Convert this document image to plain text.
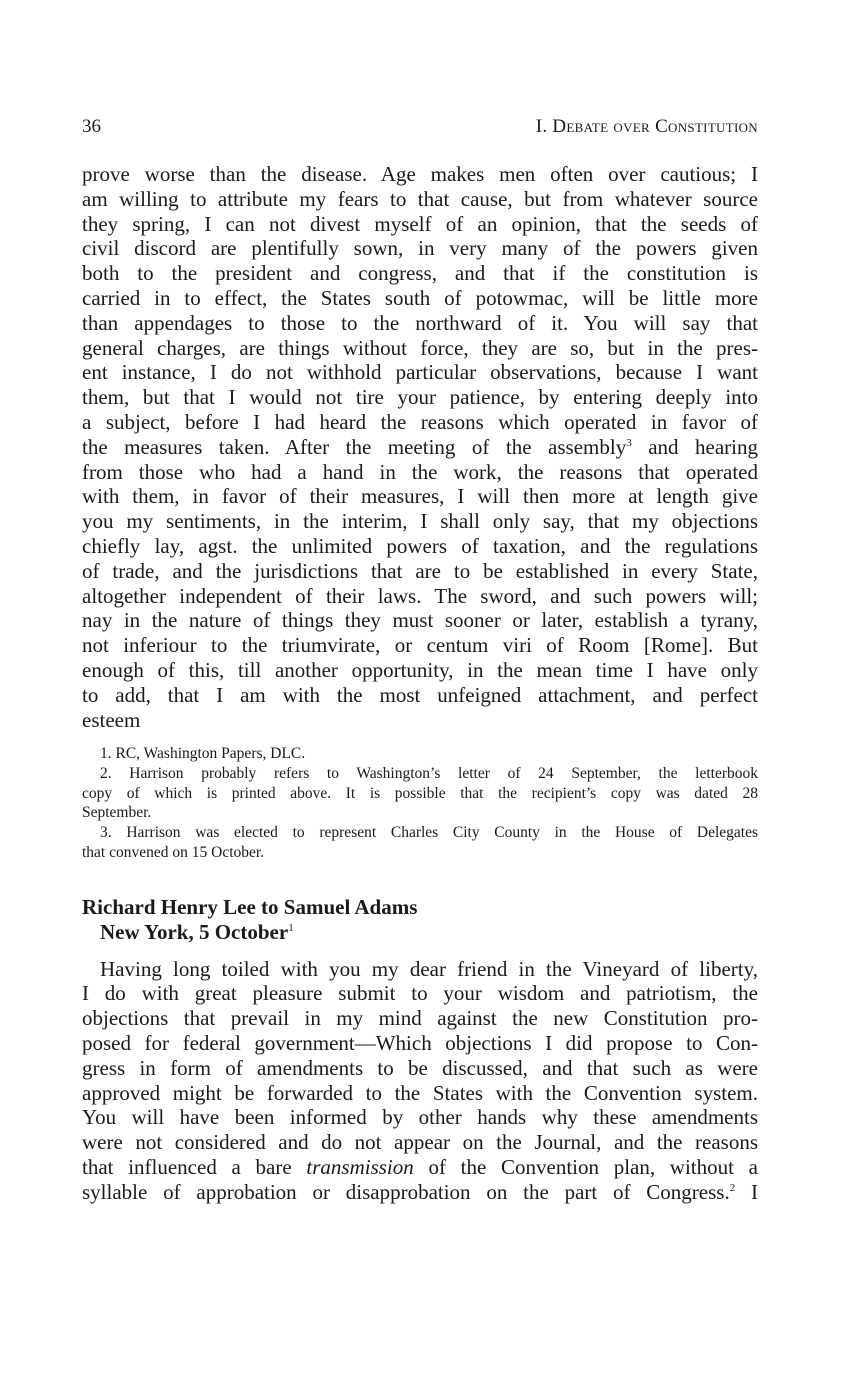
36	I. Debate over Constitution
prove worse than the disease. Age makes men often over cautious; I
am willing to attribute my fears to that cause, but from whatever source
they spring, I can not divest myself of an opinion, that the seeds of
civil discord are plentifully sown, in very many of the powers given
both to the president and congress, and that if the constitution is
carried in to effect, the States south of potowmac, will be little more
than appendages to those to the northward of it. You will say that
general charges, are things without force, they are so, but in the pres-
ent instance, I do not withhold particular observations, because I want
them, but that I would not tire your patience, by entering deeply into
a subject, before I had heard the reasons which operated in favor of
the measures taken. After the meeting of the assembly$^3$ and hearing
from those who had a hand in the work, the reasons that operated
with them, in favor of their measures, I will then more at length give
you my sentiments, in the interim, I shall only say, that my objections
chiefly lay, agst. the unlimited powers of taxation, and the regulations
of trade, and the jurisdictions that are to be established in every State,
altogether independent of their laws. The sword, and such powers will;
nay in the nature of things they must sooner or later, establish a tyrany,
not inferiour to the triumvirate, or centum viri of Room [Rome]. But
enough of this, till another opportunity, in the mean time I have only
to add, that I am with the most unfeigned attachment, and perfect
esteem
1. RC, Washington Papers, DLC.
2. Harrison probably refers to Washington’s letter of 24 September, the letterbook
copy of which is printed above. It is possible that the recipient’s copy was dated 28
September.
3. Harrison was elected to represent Charles City County in the House of Delegates
that convened on 15 October.
Richard Henry Lee to Samuel Adams
New York, 5 October$^1$
Having long toiled with you my dear friend in the Vineyard of liberty,
I do with great pleasure submit to your wisdom and patriotism, the
objections that prevail in my mind against the new Constitution pro-
posed for federal government—Which objections I did propose to Con-
gress in form of amendments to be discussed, and that such as were
approved might be forwarded to the States with the Convention system.
You will have been informed by other hands why these amendments
were not considered and do not appear on the Journal, and the reasons
that influenced a bare transmission of the Convention plan, without a
syllable of approbation or disapprobation on the part of Congress.$^2$ I
